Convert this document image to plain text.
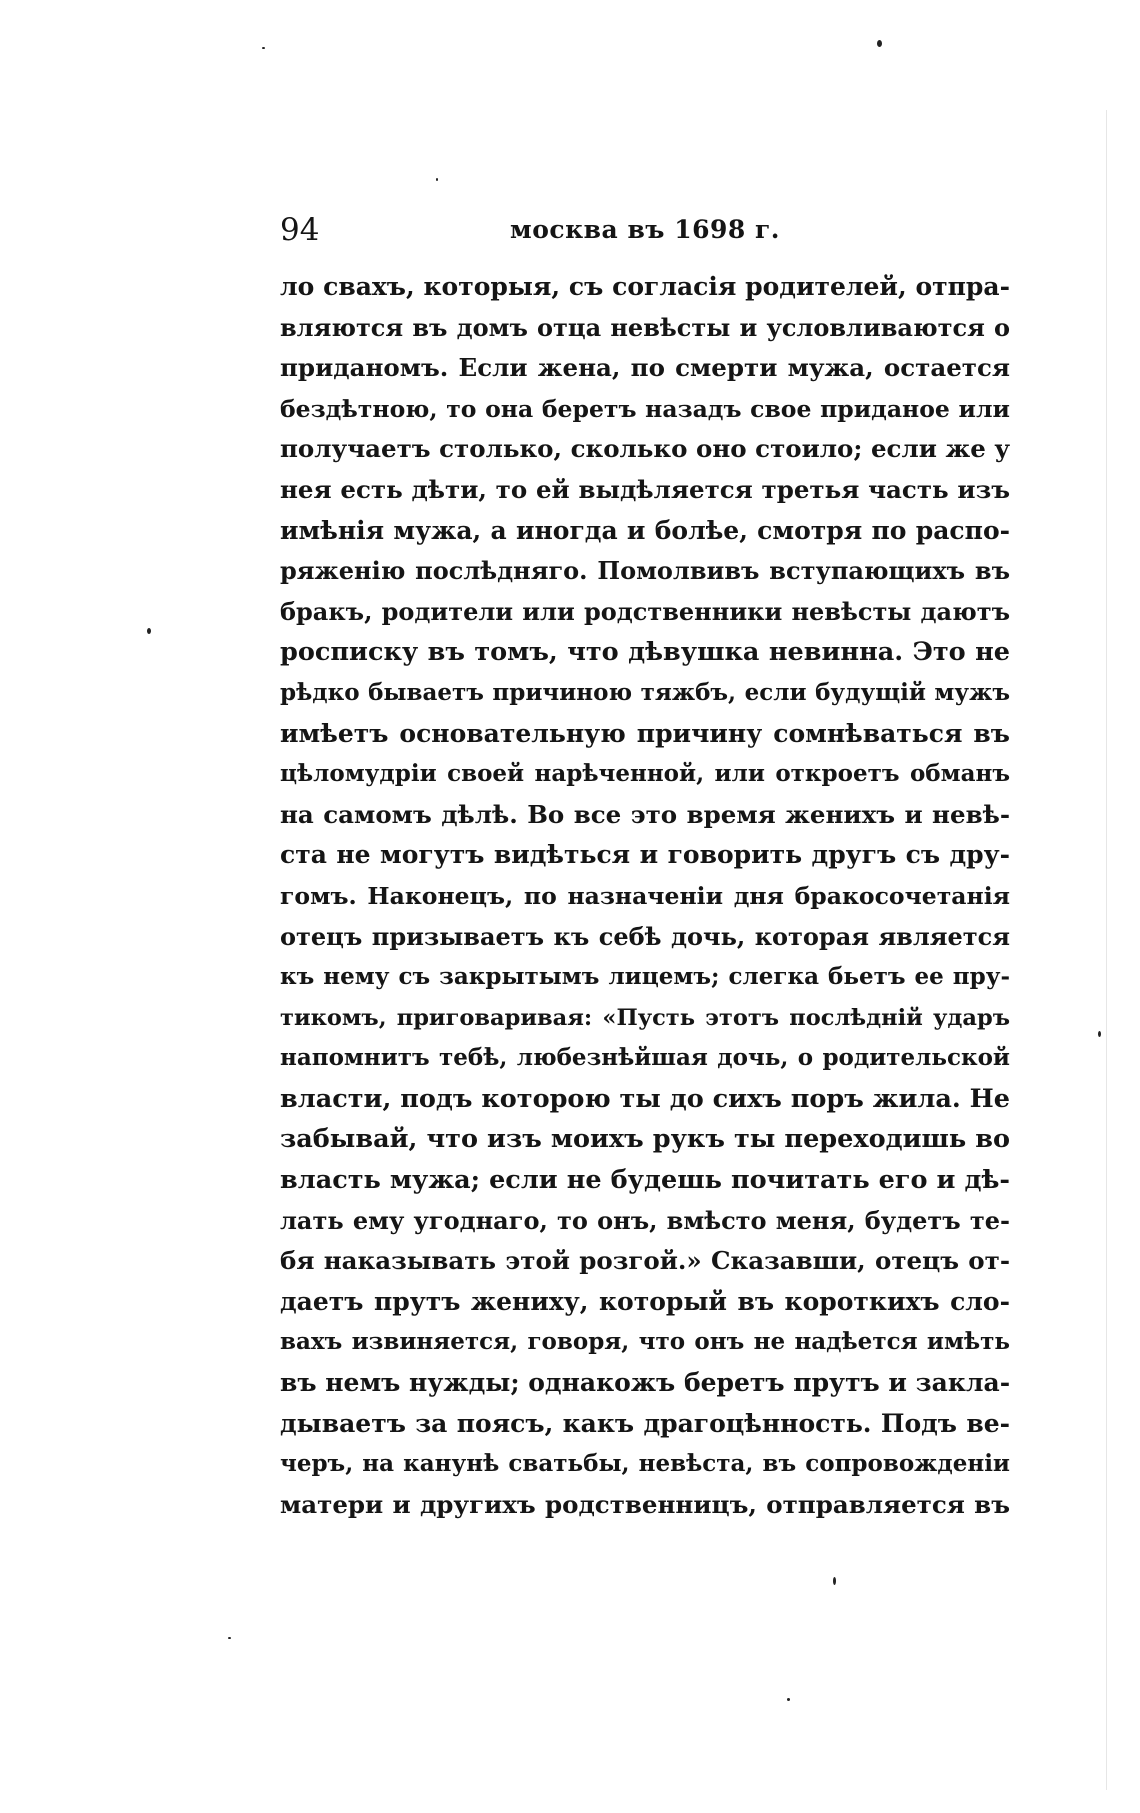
94	москва въ 1698 г.
ло свахъ, которыя, съ согласія родителей, отпра-
вляются въ домъ отца невѣсты и условливаются о
приданомъ. Если жена, по смерти мужа, остается
бездѣтною, то она беретъ назадъ свое приданое или
получаетъ столько, сколько оно стоило; если же у
нея есть дѣти, то ей выдѣляется третья часть изъ
имѣнія мужа, а иногда и болѣе, смотря по распо-
ряженію послѣдняго. Помолвивъ вступающихъ въ
бракъ, родители или родственники невѣсты даютъ
росписку въ томъ, что дѣвушка невинна. Это не
рѣдко бываетъ причиною тяжбъ, если будущій мужъ
имѣетъ основательную причину сомнѣваться въ
цѣломудріи своей нарѣченной, или откроетъ обманъ
на самомъ дѣлѣ. Во все это время женихъ и невѣ-
ста не могутъ видѣться и говорить другъ съ дру-
гомъ. Наконецъ, по назначеніи дня бракосочетанія
отецъ призываетъ къ себѣ дочь, которая является
къ нему съ закрытымъ лицемъ; слегка бьетъ ее пру-
тикомъ, приговаривая: «Пусть этотъ послѣдній ударъ
напомнитъ тебѣ, любезнѣйшая дочь, о родительской
власти, подъ которою ты до сихъ поръ жила. Не
забывай, что изъ моихъ рукъ ты переходишь во
власть мужа; если не будешь почитать его и дѣ-
лать ему угоднаго, то онъ, вмѣсто меня, будетъ те-
бя наказывать этой розгой.» Сказавши, отецъ от-
даетъ прутъ жениху, который въ короткихъ сло-
вахъ извиняется, говоря, что онъ не надѣется имѣть
въ немъ нужды; однакожъ беретъ прутъ и закла-
дываетъ за поясъ, какъ драгоцѣнность. Подъ ве-
черъ, на канунѣ сватьбы, невѣста, въ сопровожденіи
матери и другихъ родственницъ, отправляется въ
